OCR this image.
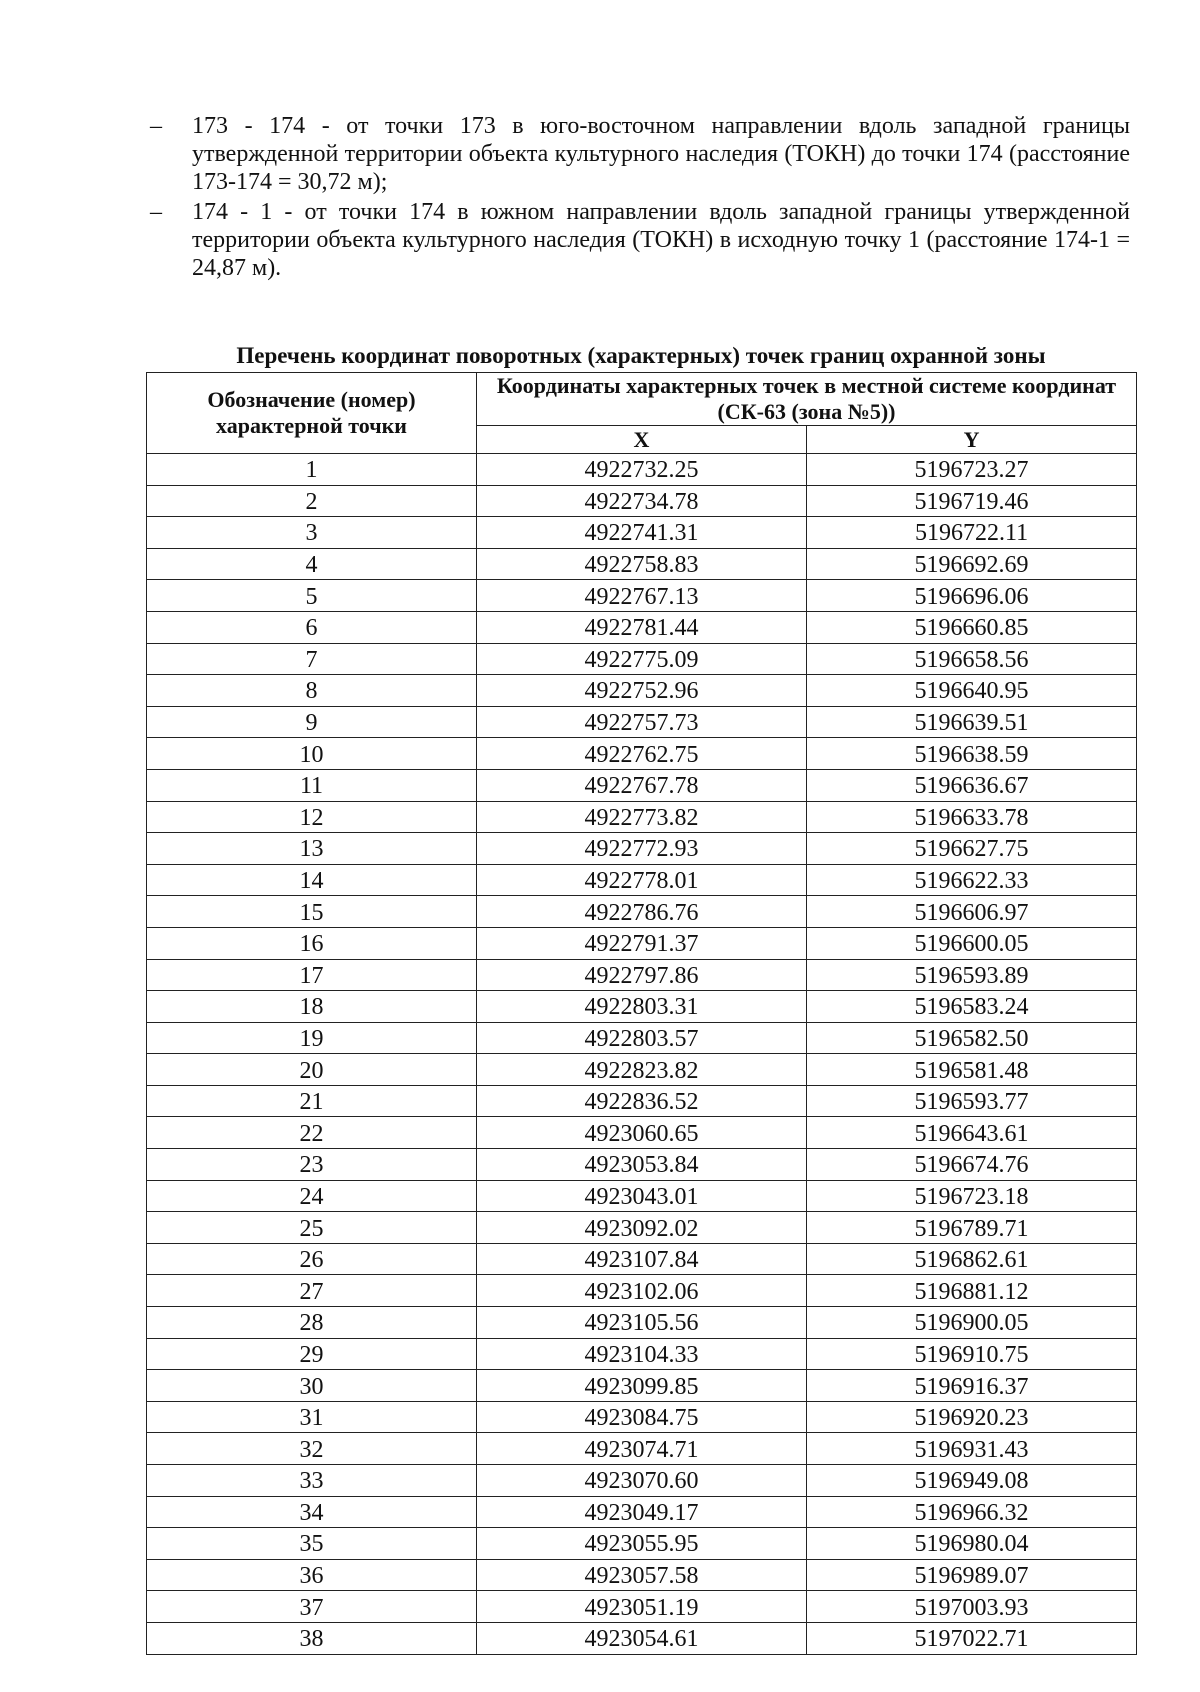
– 173 - 174 - от точки 173 в юго-восточном направлении вдоль западной границы утвержденной территории объекта культурного наследия (ТОКН) до точки 174 (расстояние 173-174 = 30,72 м);
– 174 - 1 - от точки 174 в южном направлении вдоль западной границы утвержденной территории объекта культурного наследия (ТОКН) в исходную точку 1 (расстояние 174-1 = 24,87 м).
Перечень координат поворотных (характерных) точек границ охранной зоны
Обозначение (номер) характерной точки	Координаты характерных точек в местной системе координат (СК-63 (зона №5))	
	X	Y
1	4922732.25	5196723.27
2	4922734.78	5196719.46
3	4922741.31	5196722.11
4	4922758.83	5196692.69
5	4922767.13	5196696.06
6	4922781.44	5196660.85
7	4922775.09	5196658.56
8	4922752.96	5196640.95
9	4922757.73	5196639.51
10	4922762.75	5196638.59
11	4922767.78	5196636.67
12	4922773.82	5196633.78
13	4922772.93	5196627.75
14	4922778.01	5196622.33
15	4922786.76	5196606.97
16	4922791.37	5196600.05
17	4922797.86	5196593.89
18	4922803.31	5196583.24
19	4922803.57	5196582.50
20	4922823.82	5196581.48
21	4922836.52	5196593.77
22	4923060.65	5196643.61
23	4923053.84	5196674.76
24	4923043.01	5196723.18
25	4923092.02	5196789.71
26	4923107.84	5196862.61
27	4923102.06	5196881.12
28	4923105.56	5196900.05
29	4923104.33	5196910.75
30	4923099.85	5196916.37
31	4923084.75	5196920.23
32	4923074.71	5196931.43
33	4923070.60	5196949.08
34	4923049.17	5196966.32
35	4923055.95	5196980.04
36	4923057.58	5196989.07
37	4923051.19	5197003.93
38	4923054.61	5197022.71
